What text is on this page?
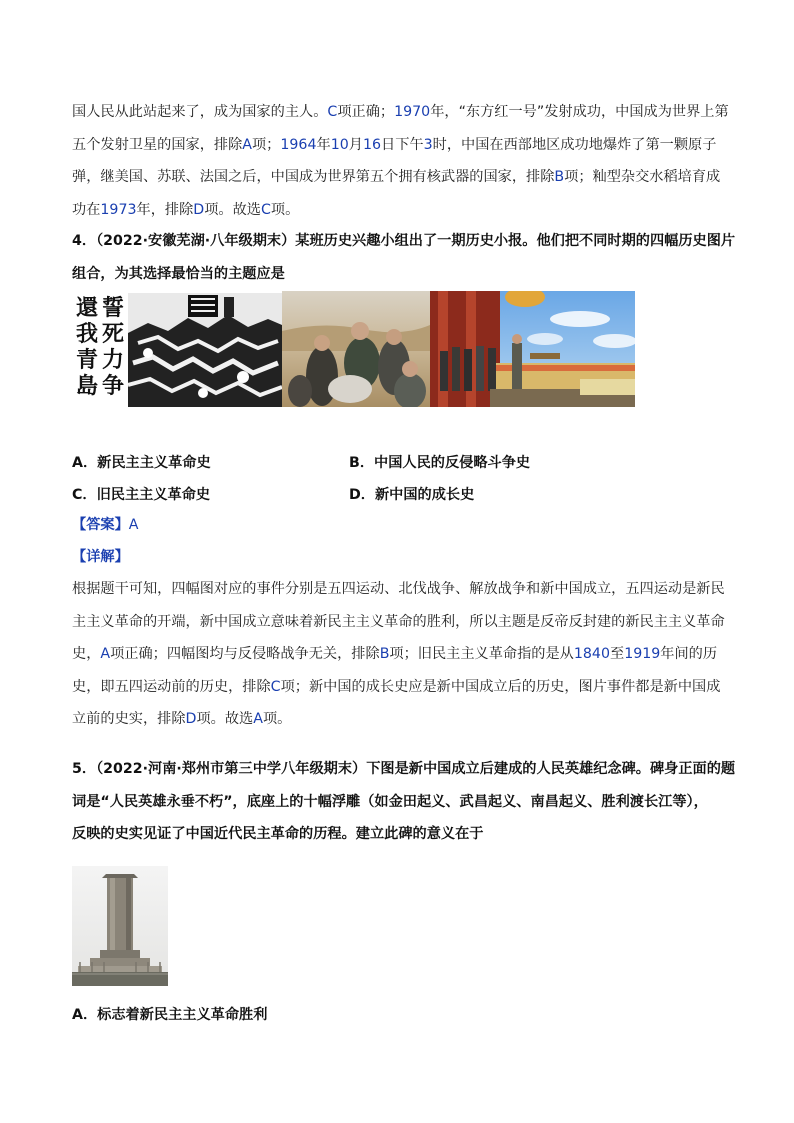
国人民从此站起来了，成为国家的主人。C项正确；1970年，“东方红一号”发射成功，中国成为世界上第
五个发射卫星的国家，排除A项；1964年10月16日下午3时，中国在西部地区成功地爆炸了第一颗原子
弹，继美国、苏联、法国之后，中国成为世界第五个拥有核武器的国家，排除B项；籼型杂交水稻培育成
功在1973年，排除D项。故选C项。
4．（2022·安徽芜湖·八年级期末）某班历史兴趣小组出了一期历史小报。他们把不同时期的四幅历史图片
组合，为其选择最恰当的主题应是
誓
死
力
争
還
我
青
島
A．新民主主义革命史	B．中国人民的反侵略斗争史
C．旧民主主义革命史	D．新中国的成长史
【答案】A
【详解】
根据题干可知，四幅图对应的事件分别是五四运动、北伐战争、解放战争和新中国成立，五四运动是新民
主主义革命的开端，新中国成立意味着新民主主义革命的胜利，所以主题是反帝反封建的新民主主义革命
史，A项正确；四幅图均与反侵略战争无关，排除B项；旧民主主义革命指的是从1840至1919年间的历
史，即五四运动前的历史，排除C项；新中国的成长史应是新中国成立后的历史，图片事件都是新中国成
立前的史实，排除D项。故选A项。
5．（2022·河南·郑州市第三中学八年级期末）下图是新中国成立后建成的人民英雄纪念碑。碑身正面的题
词是“人民英雄永垂不朽”，底座上的十幅浮雕（如金田起义、武昌起义、南昌起义、胜利渡长江等），
反映的史实见证了中国近代民主革命的历程。建立此碑的意义在于
A．标志着新民主主义革命胜利
